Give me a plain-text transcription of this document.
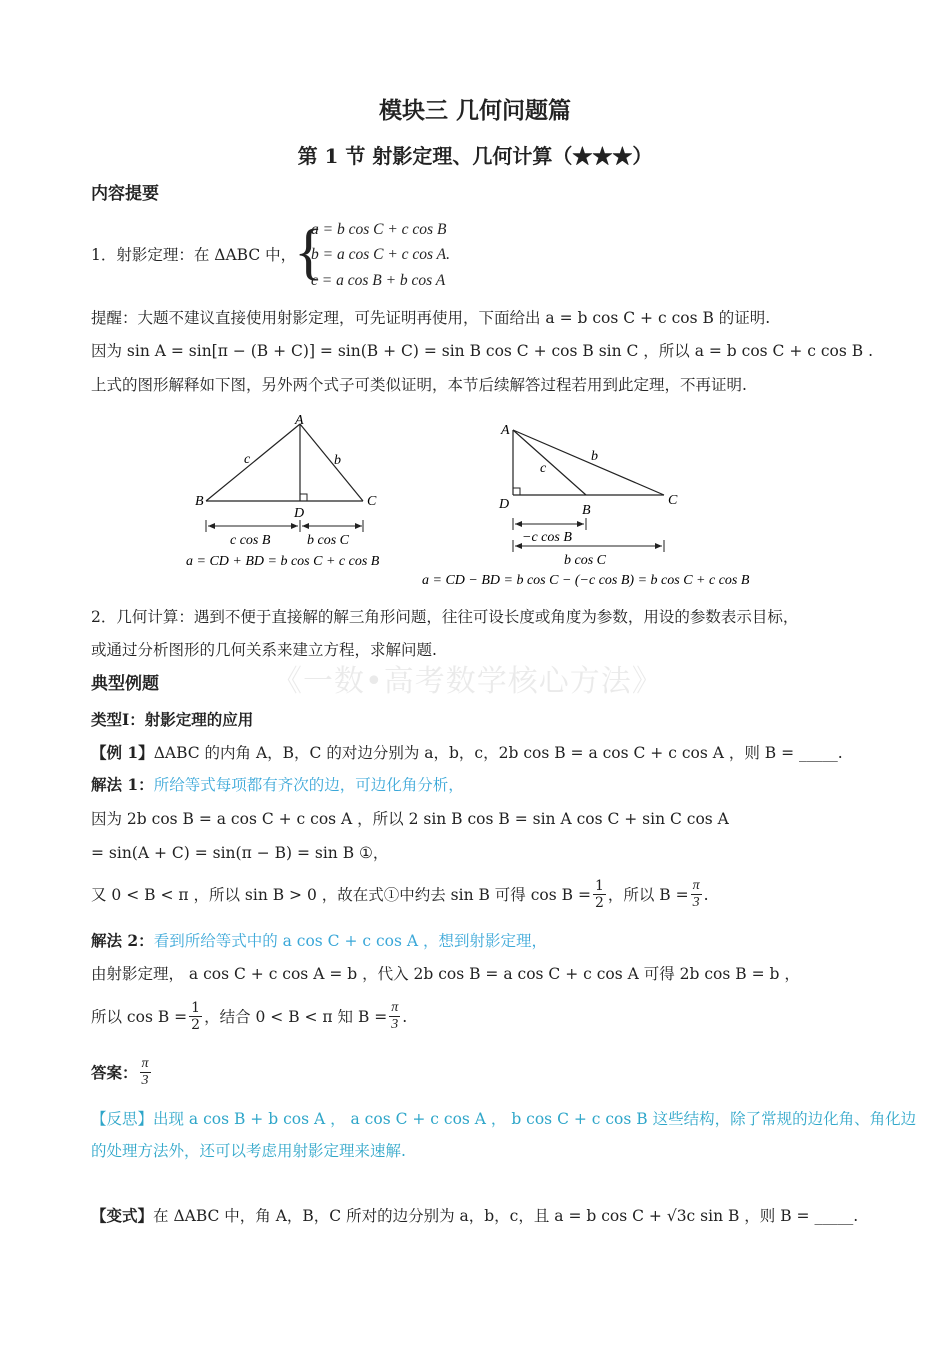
模块三 几何问题篇
第 1 节 射影定理、几何计算（★★★）
内容提要
1．射影定理：在 ΔABC 中，
{
a = b cos C + c cos B
b = a cos C + c cos A.
c = a cos B + b cos A
提醒：大题不建议直接使用射影定理，可先证明再使用，下面给出 a = b cos C + c cos B 的证明.
因为 sin A = sin[π − (B + C)] = sin(B + C) = sin B cos C + cos B sin C ，所以 a = b cos C + c cos B .
上式的图形解释如下图，另外两个式子可类似证明，本节后续解答过程若用到此定理，不再证明.
A
B	C
D
c	b
c cos B	b cos C
a = CD + BD = b cos C + c cos B
A
D	B
C
c
b
−c cos B
b cos C
a = CD − BD = b cos C − (−c cos B) = b cos C + c cos B
2．几何计算：遇到不便于直接解的解三角形问题，往往可设长度或角度为参数，用设的参数表示目标，
或通过分析图形的几何关系来建立方程，求解问题.
《一数•高考数学核心方法》
典型例题
类型Ⅰ：射影定理的应用
【例 1】ΔABC 的内角 A，B，C 的对边分别为 a，b，c，2b cos B = a cos C + c cos A ，则 B = _____.
解法 1：所给等式每项都有齐次的边，可边化角分析，
因为 2b cos B = a cos C + c cos A ，所以 2 sin B cos B = sin A cos C + sin C cos A
= sin(A + C) = sin(π − B) = sin B ①，
又 0 < B < π ，所以 sin B > 0 ，故在式①中约去 sin B 可得 $\cos B = \frac{1}{2}$ ，所以 $B = \frac{\pi}{3}$ .
解法 2：看到所给等式中的 a cos C + c cos A ，想到射影定理，
由射影定理， a cos C + c cos A = b ，代入 2b cos B = a cos C + c cos A 可得 2b cos B = b ，
所以 $\cos B = \frac{1}{2}$ ，结合 0 < B < π 知 $B = \frac{\pi}{3}$ .
答案： $\frac{\pi}{3}$
【反思】出现 a cos B + b cos A ， a cos C + c cos A ， b cos C + c cos B 这些结构，除了常规的边化角、角化边
的处理方法外，还可以考虑用射影定理来速解.
【变式】在 ΔABC 中，角 A，B，C 所对的边分别为 a，b，c，且 a = b cos C + √3c sin B ，则 B = _____.
